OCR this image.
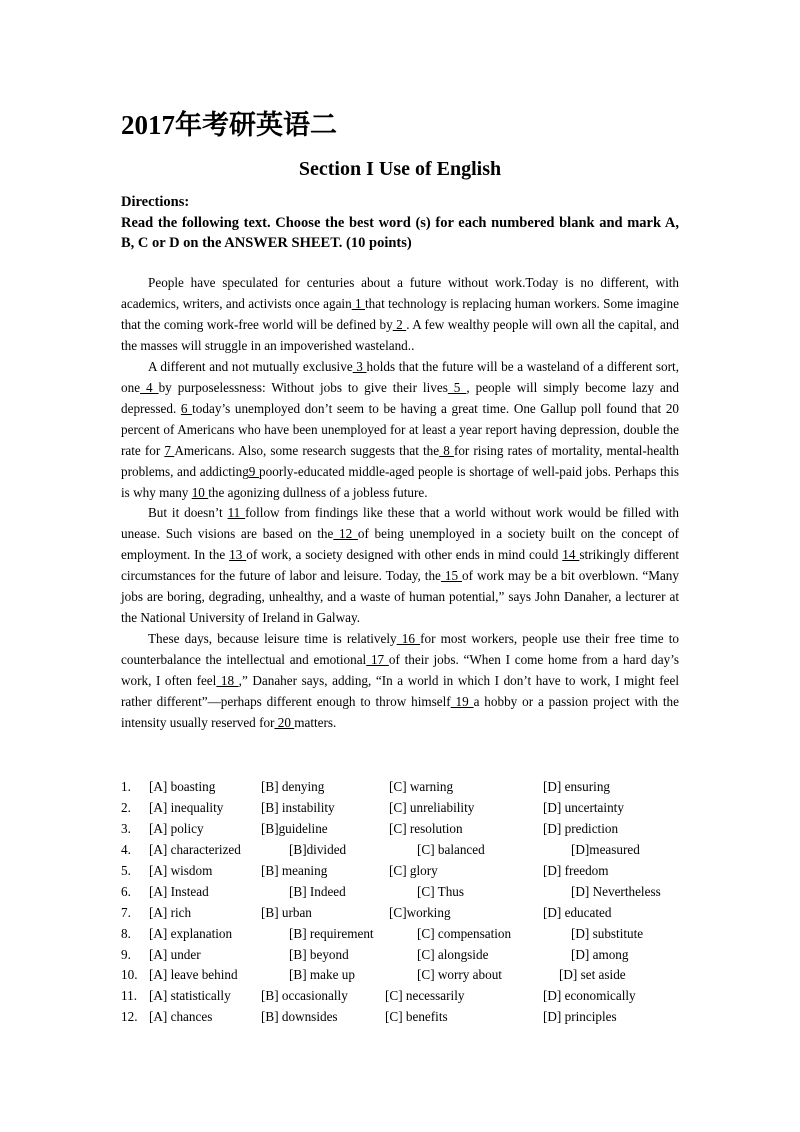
2017年考研英语二
Section I Use of English
Directions:
Read the following text. Choose the best word (s) for each numbered blank and mark A, B, C or D on the ANSWER SHEET. (10 points)

People have speculated for centuries about a future without work.Today is no different, with academics, writers, and activists once again 1 that technology is replacing human workers. Some imagine that the coming work-free world will be defined by 2 . A few wealthy people will own all the capital, and the masses will struggle in an impoverished wasteland..

A different and not mutually exclusive 3 holds that the future will be a wasteland of a different sort, one 4 by purposelessness: Without jobs to give their lives 5 , people will simply become lazy and depressed. 6 today’s unemployed don’t seem to be having a great time. One Gallup poll found that 20 percent of Americans who have been unemployed for at least a year report having depression, double the rate for 7 Americans. Also, some research suggests that the 8 for rising rates of mortality, mental-health problems, and addicting9 poorly-educated middle-aged people is shortage of well-paid jobs. Perhaps this is why many 10 the agonizing dullness of a jobless future.

But it doesn’t 11 follow from findings like these that a world without work would be filled with unease. Such visions are based on the 12 of being unemployed in a society built on the concept of employment. In the 13 of work, a society designed with other ends in mind could 14 strikingly different circumstances for the future of labor and leisure. Today, the 15 of work may be a bit overblown. “Many jobs are boring, degrading, unhealthy, and a waste of human potential,” says John Danaher, a lecturer at the National University of Ireland in Galway.

These days, because leisure time is relatively 16 for most workers, people use their free time to counterbalance the intellectual and emotional 17 of their jobs. “When I come home from a hard day’s work, I often feel 18 ,” Danaher says, adding, “In a world in which I don’t have to work, I might feel rather different”—perhaps different enough to throw himself 19 a hobby or a passion project with the intensity usually reserved for 20 matters.

1. [A] boasting	[B] denying	[C] warning	[D] ensuring
2. [A] inequality	[B] instability	[C] unreliability	[D] uncertainty
3. [A] policy	[B]guideline	[C] resolution	[D] prediction
4. [A] characterized	[B]divided	[C] balanced	[D]measured
5. [A] wisdom	[B] meaning	[C] glory	[D] freedom
6. [A] Instead	[B] Indeed	[C] Thus	[D] Nevertheless
7. [A] rich	[B] urban	[C]working	[D] educated
8. [A] explanation	[B] requirement	[C] compensation	[D] substitute
9. [A] under	[B] beyond	[C] alongside	[D] among
10. [A] leave behind	[B] make up	[C] worry about	[D] set aside
11. [A] statistically [B] occasionally	[C] necessarily	[D] economically
12. [A] chances	[B] downsides	[C] benefits	[D] principles
